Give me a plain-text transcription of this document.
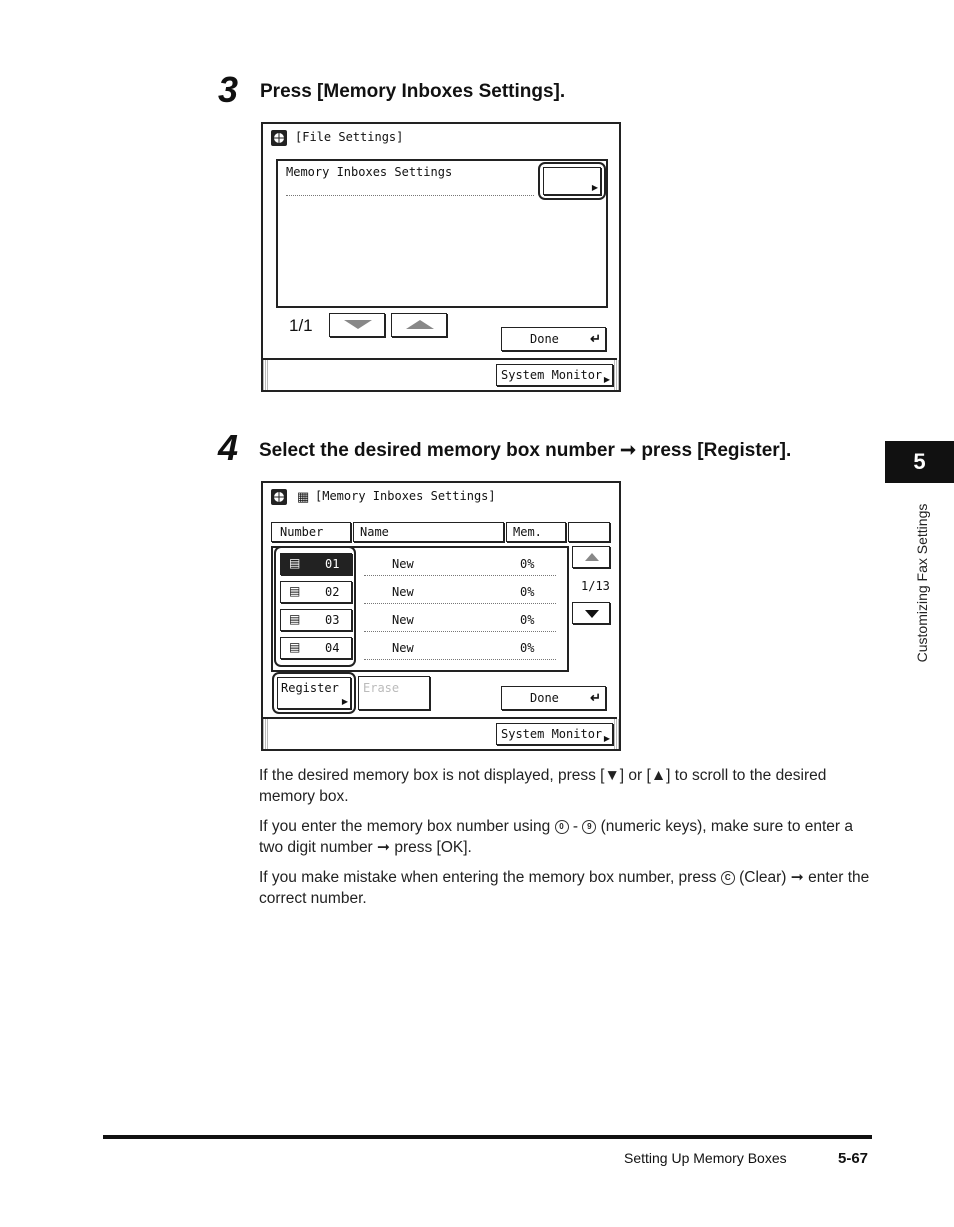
3 Press [Memory Inboxes Settings].
[File Settings]
Memory Inboxes Settings
▶
1/1
Done ↵
System Monitor ▶
4 Select the desired memory box number ➞ press [Register].
▦ [Memory Inboxes Settings]
Number	Name	Mem.
▤ 01	New	0%
▤ 02	New	0%
▤ 03	New	0%
▤ 04	New	0%
1/13
Register
▶
Erase
Done ↵
System Monitor ▶
If the desired memory box is not displayed, press [▼] or [▲] to scroll to the desired memory box.
If you enter the memory box number using 0 - 9 (numeric keys), make sure to enter a two digit number ➞ press [OK].
If you make mistake when entering the memory box number, press C (Clear) ➞ enter the correct number.
5
Customizing Fax Settings
Setting Up Memory Boxes	5-67
